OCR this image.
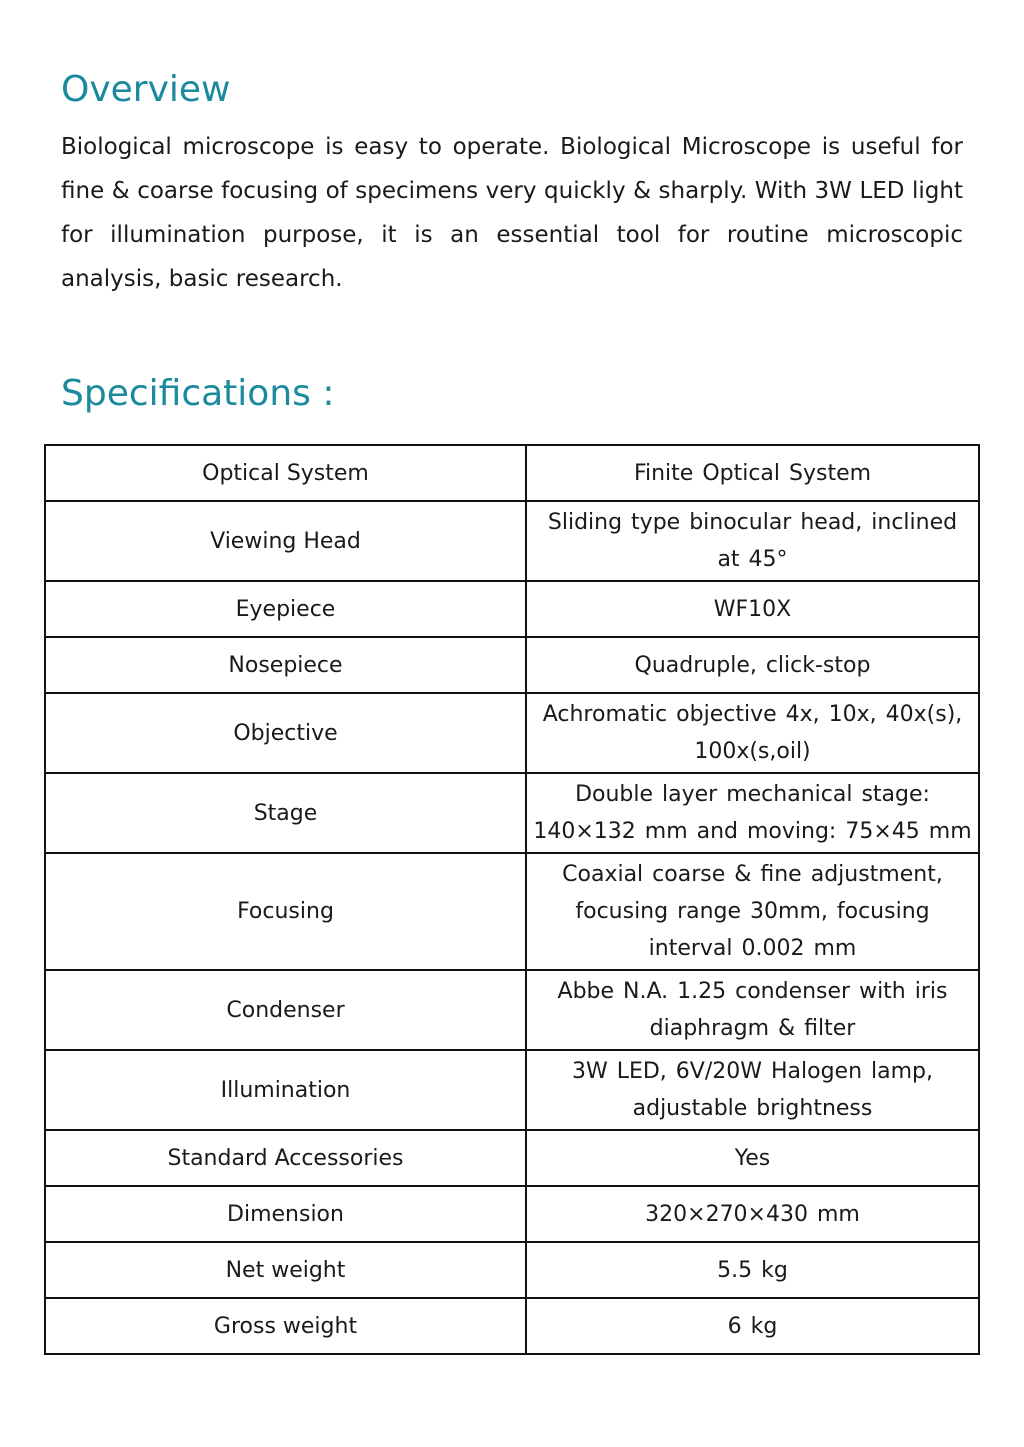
Overview

Biological microscope is easy to operate. Biological Microscope is useful for fine & coarse focusing of specimens very quickly & sharply. With 3W LED light for illumination purpose, it is an essential tool for routine microscopic analysis, basic research.

Specifications :
Optical System	Finite Optical System
Viewing Head	Sliding type binocular head, inclined at 45°
Eyepiece	WF10X
Nosepiece	Quadruple, click-stop
Objective	Achromatic objective 4x, 10x, 40x(s), 100x(s,oil)
Stage	Double layer mechanical stage: 140×132 mm and moving: 75×45 mm
Focusing	Coaxial coarse & fine adjustment, focusing range 30mm, focusing interval 0.002 mm
Condenser	Abbe N.A. 1.25 condenser with iris diaphragm & filter
Illumination	3W LED, 6V/20W Halogen lamp, adjustable brightness
Standard Accessories	Yes
Dimension	320×270×430 mm
Net weight	5.5 kg
Gross weight	6 kg
